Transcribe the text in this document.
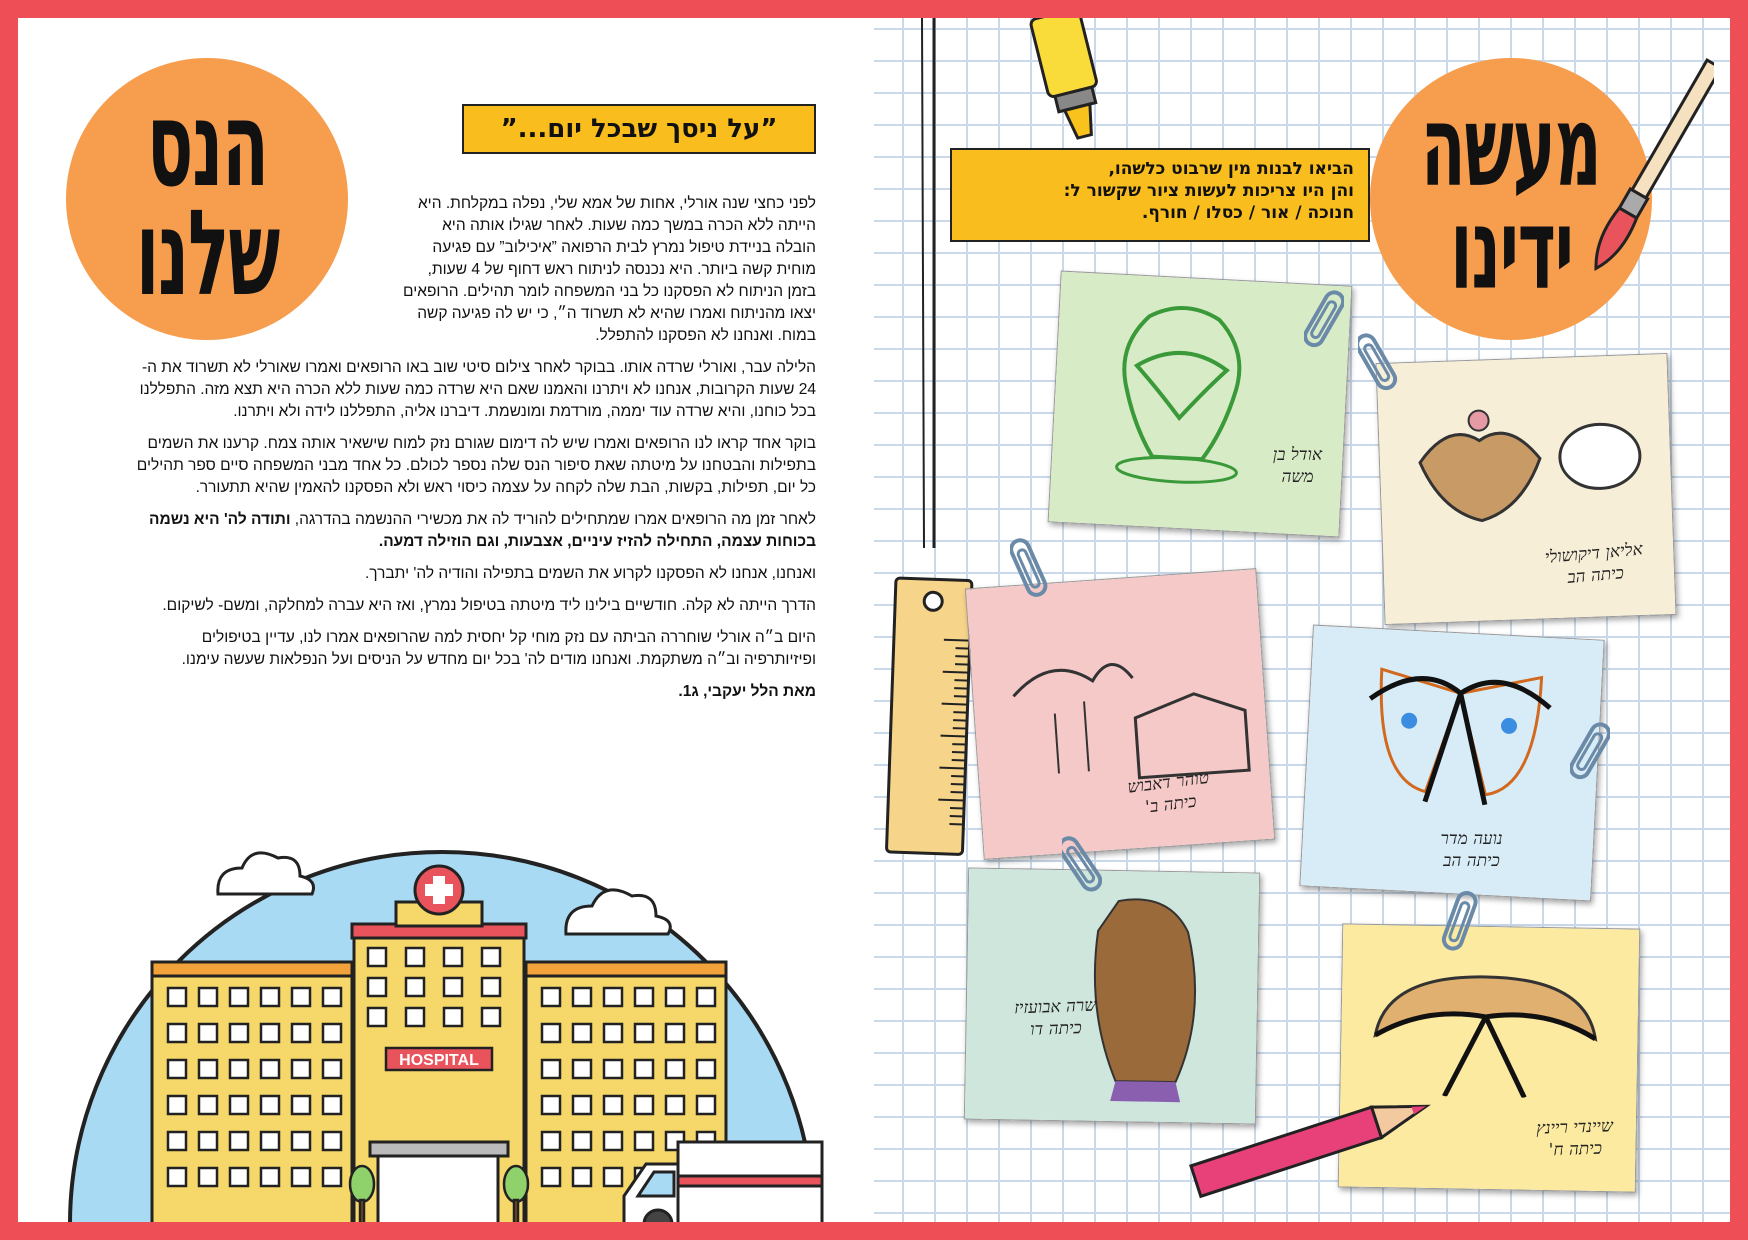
הנס
שלנו
”על ניסך שבכל יום...”

לפני כחצי שנה אורלי, אחות של אמא שלי, נפלה במקלחת. היא הייתה ללא הכרה במשך כמה שעות. לאחר שגילו אותה היא הובלה בניידת טיפול נמרץ לבית הרפואה ”איכילוב” עם פגיעה מוחית קשה ביותר. היא נכנסה לניתוח ראש דחוף של 4 שעות, בזמן הניתוח לא הפסקנו כל בני המשפחה לומר תהילים. הרופאים יצאו מהניתוח ואמרו שהיא לא תשרוד ה״, כי יש לה פגיעה קשה במוח. ואנחנו לא הפסקנו להתפלל.

הלילה עבר, ואורלי שרדה אותו. בבוקר לאחר צילום סיטי שוב באו הרופאים ואמרו שאורלי לא תשרוד את ה- 24 שעות הקרובות, אנחנו לא ויתרנו והאמנו שאם היא שרדה כמה שעות ללא הכרה היא תצא מזה. התפללנו בכל כוחנו, והיא שרדה עוד יממה, מורדמת ומונשמת. דיברנו אליה, התפללנו לידה ולא ויתרנו.

בוקר אחד קראו לנו הרופאים ואמרו שיש לה דימום שגורם נזק למוח שישאיר אותה צמח. קרענו את השמים בתפילות והבטחנו על מיטתה שאת סיפור הנס שלה נספר לכולם. כל אחד מבני המשפחה סיים ספר תהילים כל יום, תפילות, בקשות, הבת שלה לקחה על עצמה כיסוי ראש ולא הפסקנו להאמין שהיא תתעורר.

לאחר זמן מה הרופאים אמרו שמתחילים להוריד לה את מכשירי ההנשמה בהדרגה, ותודה לה' היא נשמה בכוחות עצמה, התחילה להזיז עיניים, אצבעות, וגם הוזילה דמעה.

ואנחנו, אנחנו לא הפסקנו לקרוע את השמים בתפילה והודיה לה' יתברך.

הדרך הייתה לא קלה. חודשיים בילינו ליד מיטתה בטיפול נמרץ, ואז היא עברה למחלקה, ומשם- לשיקום.

היום ב״ה אורלי שוחררה הביתה עם נזק מוחי קל יחסית למה שהרופאים אמרו לנו, עדיין בטיפולים ופיזיותרפיה וב״ה משתקמת. ואנחנו מודים לה' בכל יום מחדש על הניסים ועל הנפלאות שעשה עימנו.

מאת הלל יעקבי, ג1.

HOSPITAL
הביאו לבנות מין שרבוט כלשהו,
והן היו צריכות לעשות ציור שקשור ל:
חנוכה / אור / כסלו / חורף.
מעשה
ידינו
אודל בן
משה
אליאן דיקושולי
כיתה הב
טוהר דאבוש
כיתה ב'
נועה מדר
כיתה הב
שרה אבועזיז
כיתה דו
שיינדי ריינץ
כיתה ח'
